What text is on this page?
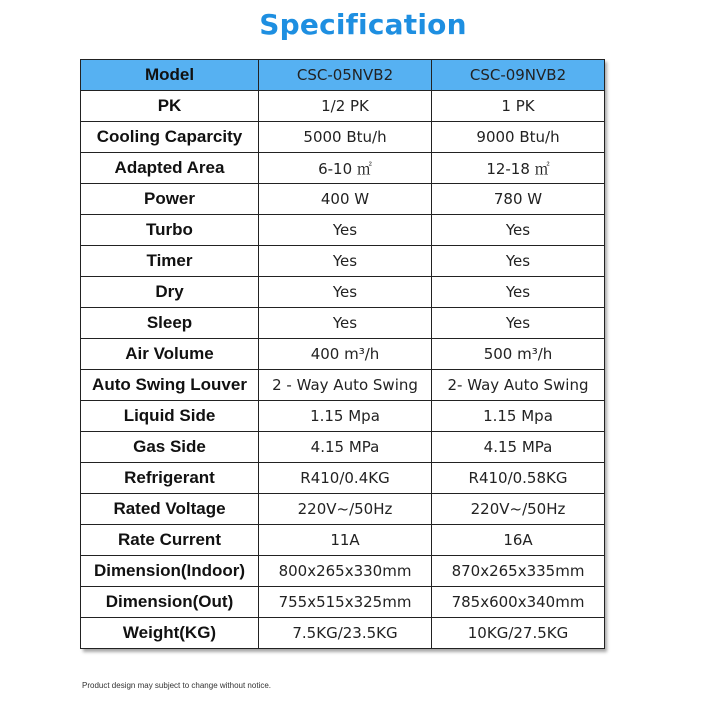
Specification
Model	CSC-05NVB2	CSC-09NVB2
PK	1/2 PK	1 PK
Cooling Caparcity	5000 Btu/h	9000 Btu/h
Adapted Area	6-10 ㎡	12-18 ㎡
Power	400 W	780 W
Turbo	Yes	Yes
Timer	Yes	Yes
Dry	Yes	Yes
Sleep	Yes	Yes
Air Volume	400 m³/h	500 m³/h
Auto Swing Louver	2 - Way Auto Swing	2- Way Auto Swing
Liquid Side	1.15 Mpa	1.15 Mpa
Gas Side	4.15 MPa	4.15 MPa
Refrigerant	R410/0.4KG	R410/0.58KG
Rated Voltage	220V~/50Hz	220V~/50Hz
Rate Current	11A	16A
Dimension(Indoor)	800x265x330mm	870x265x335mm
Dimension(Out)	755x515x325mm	785x600x340mm
Weight(KG)	7.5KG/23.5KG	10KG/27.5KG
Product design may subject to change without notice.
